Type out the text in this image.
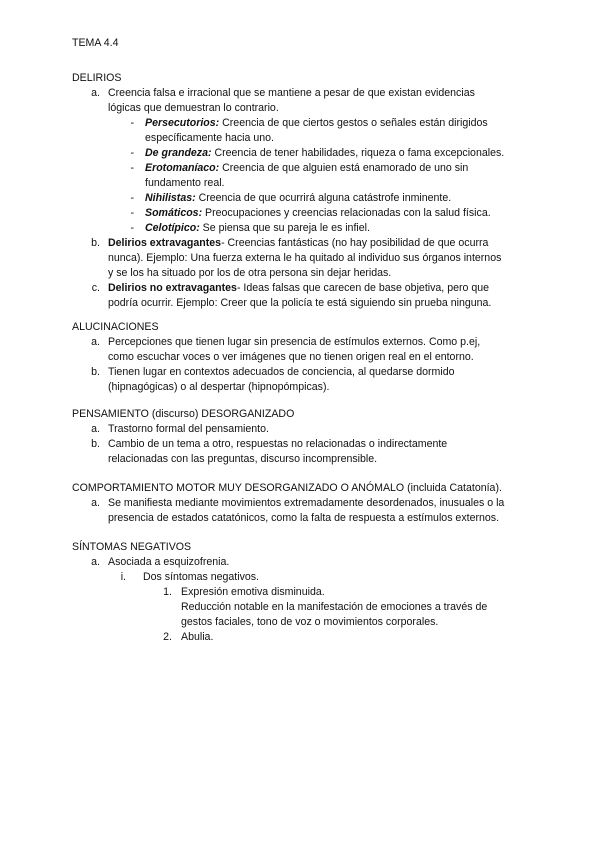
TEMA 4.4
DELIRIOS
a. Creencia falsa e irracional que se mantiene a pesar de que existan evidencias
lógicas que demuestran lo contrario.
- Persecutorios: Creencia de que ciertos gestos o señales están dirigidos
específicamente hacia uno.
- De grandeza: Creencia de tener habilidades, riqueza o fama excepcionales.
- Erotomaníaco: Creencia de que alguien está enamorado de uno sin
fundamento real.
- Nihilistas: Creencia de que ocurrirá alguna catástrofe inminente.
- Somáticos: Preocupaciones y creencias relacionadas con la salud física.
- Celotípico: Se piensa que su pareja le es infiel.
b. Delirios extravagantes- Creencias fantásticas (no hay posibilidad de que ocurra
nunca). Ejemplo: Una fuerza externa le ha quitado al individuo sus órganos internos
y se los ha situado por los de otra persona sin dejar heridas.
c. Delirios no extravagantes- Ideas falsas que carecen de base objetiva, pero que
podría ocurrir. Ejemplo: Creer que la policía te está siguiendo sin prueba ninguna.
ALUCINACIONES
a. Percepciones que tienen lugar sin presencia de estímulos externos. Como p.ej,
como escuchar voces o ver imágenes que no tienen origen real en el entorno.
b. Tienen lugar en contextos adecuados de conciencia, al quedarse dormido
(hipnagógicas) o al despertar (hipnopómpicas).
PENSAMIENTO (discurso) DESORGANIZADO
a. Trastorno formal del pensamiento.
b. Cambio de un tema a otro, respuestas no relacionadas o indirectamente
relacionadas con las preguntas, discurso incomprensible.
COMPORTAMIENTO MOTOR MUY DESORGANIZADO O ANÓMALO (incluida Catatonía).
a. Se manifiesta mediante movimientos extremadamente desordenados, inusuales o la
presencia de estados catatónicos, como la falta de respuesta a estímulos externos.
SÍNTOMAS NEGATIVOS
a. Asociada a esquizofrenia.
i. Dos síntomas negativos.
1. Expresión emotiva disminuida.
Reducción notable en la manifestación de emociones a través de
gestos faciales, tono de voz o movimientos corporales.
2. Abulia.
